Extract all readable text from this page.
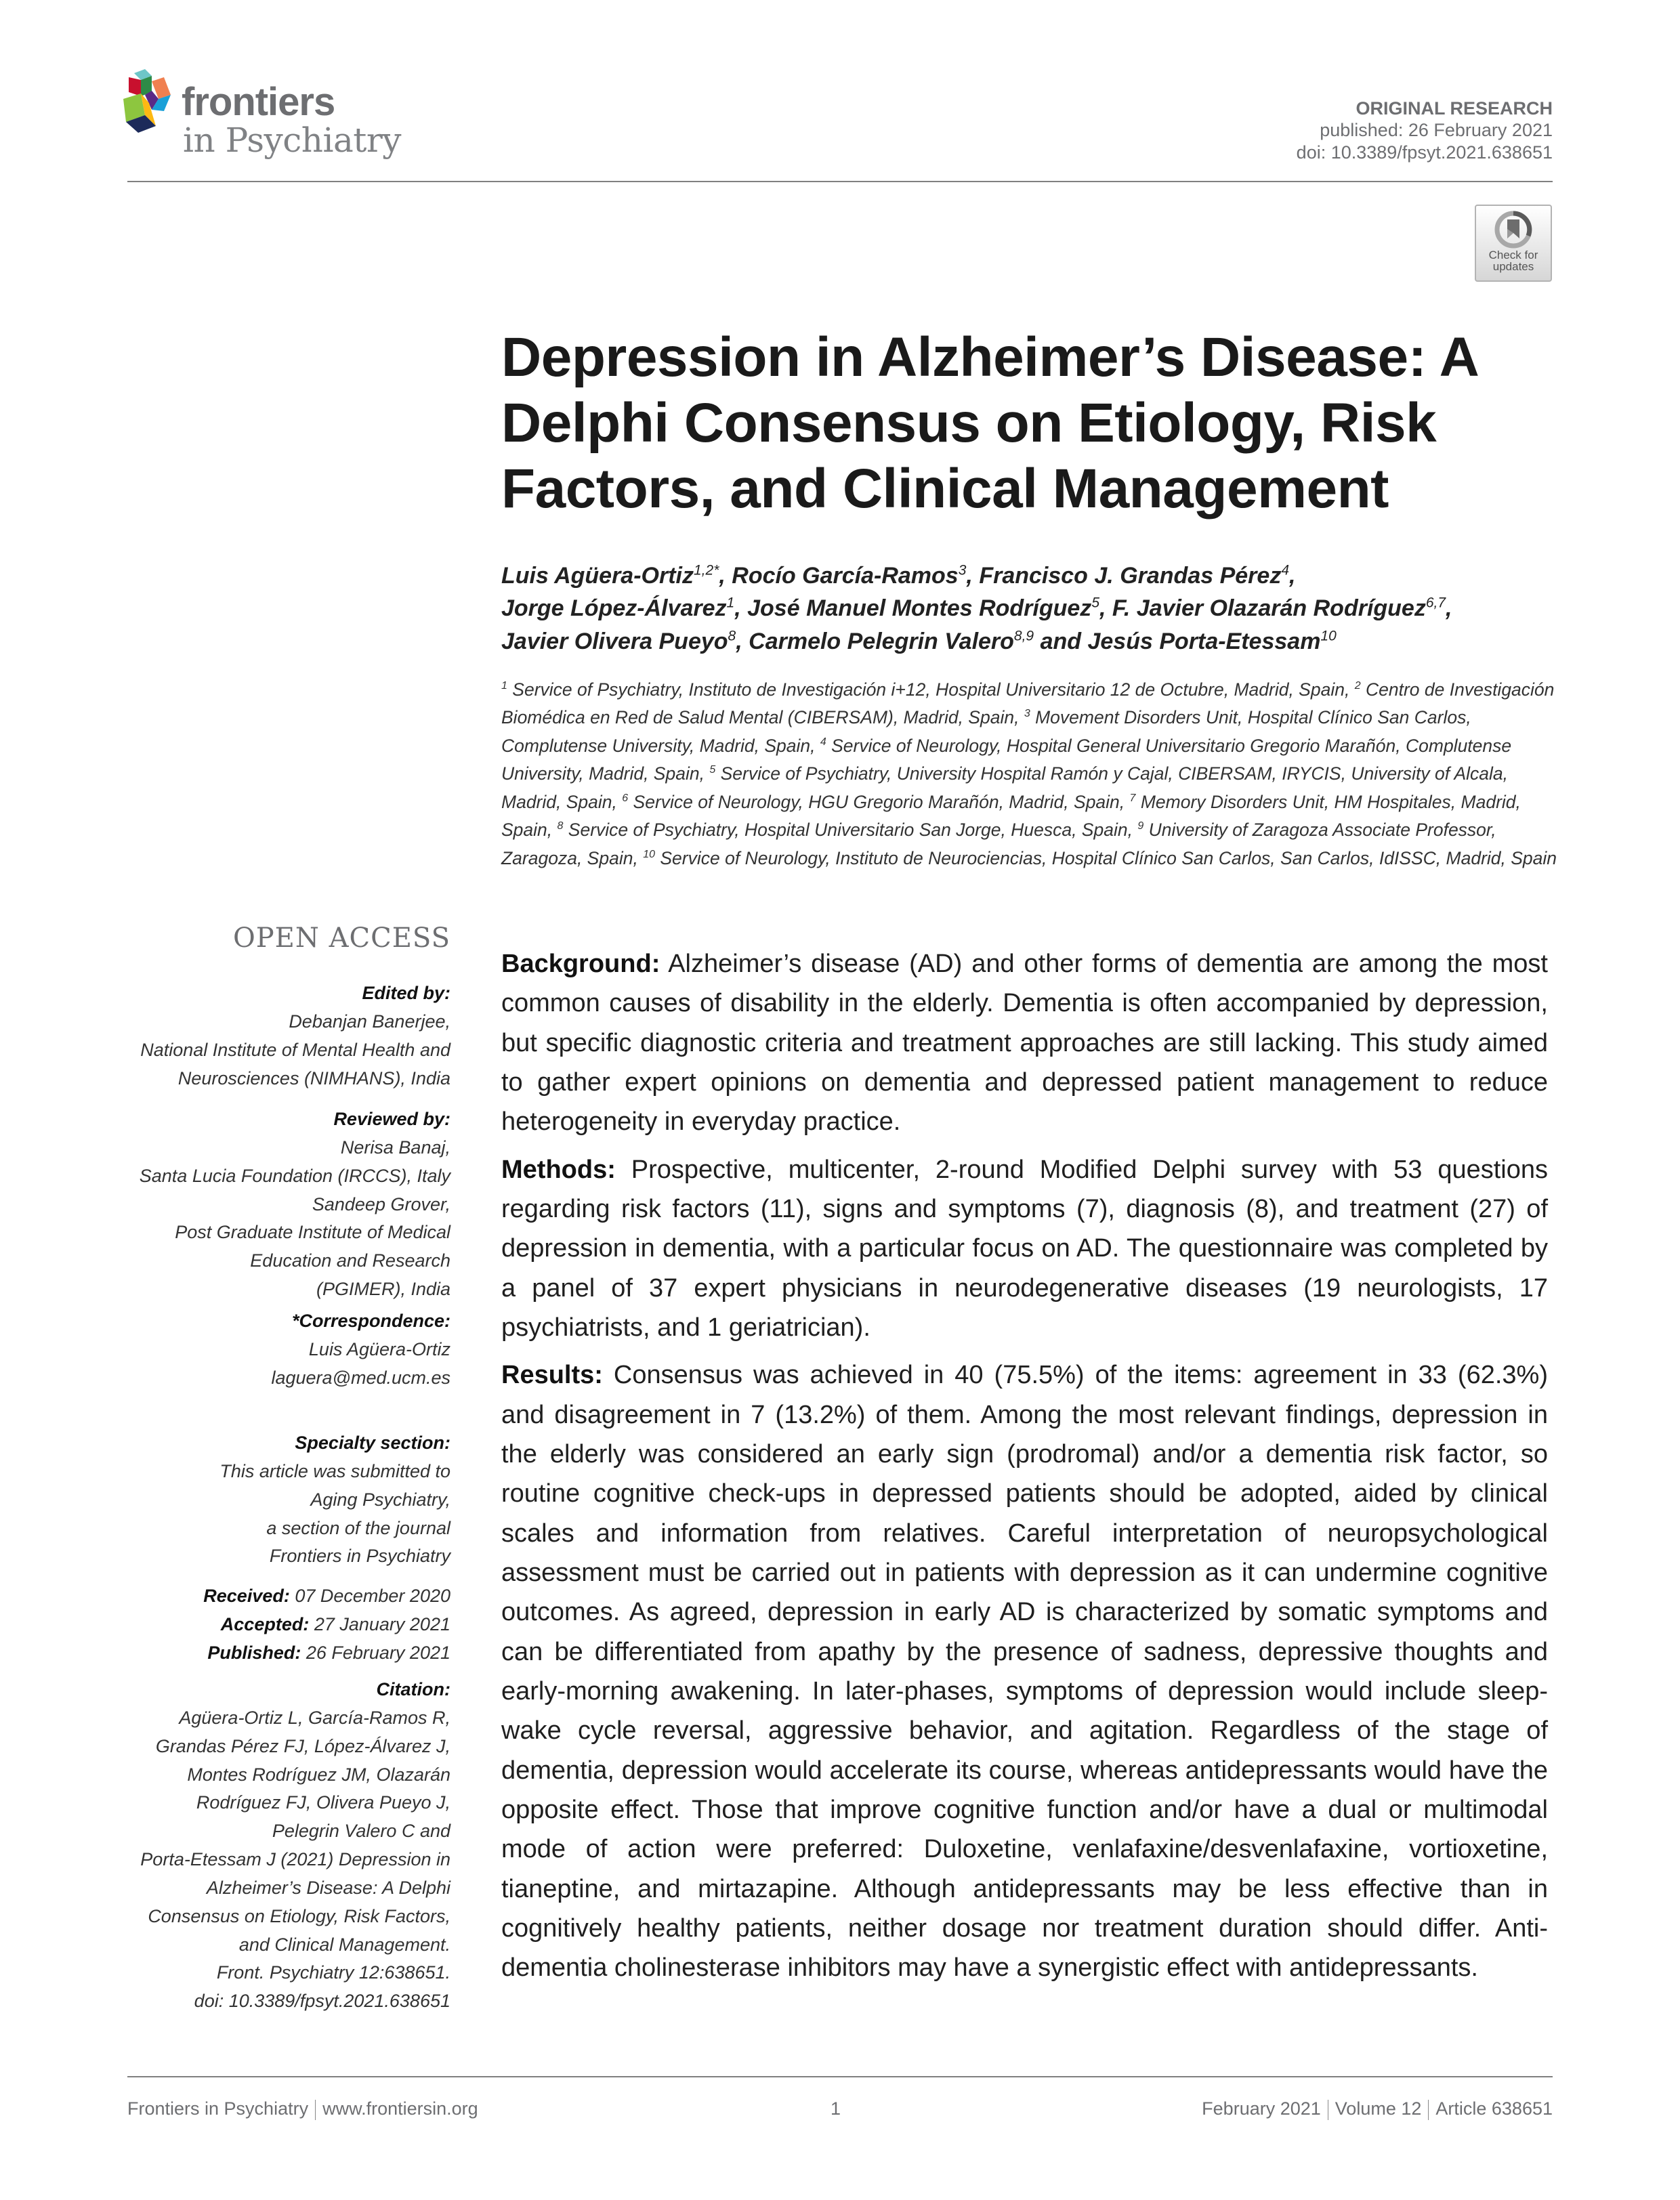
frontiers
in Psychiatry
ORIGINAL RESEARCH
published: 26 February 2021
doi: 10.3389/fpsyt.2021.638651
Check for
updates
Depression in Alzheimer’s Disease: A Delphi Consensus on Etiology, Risk Factors, and Clinical Management
Luis Agüera-Ortiz$^{1,2*}$, Rocío García-Ramos$^3$, Francisco J. Grandas Pérez$^4$,
Jorge López-Álvarez$^1$, José Manuel Montes Rodríguez$^5$, F. Javier Olazarán Rodríguez$^{6,7}$,
Javier Olivera Pueyo$^8$, Carmelo Pelegrin Valero$^{8,9}$ and Jesús Porta-Etessam$^{10}$
$^1$ Service of Psychiatry, Instituto de Investigación i+12, Hospital Universitario 12 de Octubre, Madrid, Spain, $^2$ Centro de Investigación Biomédica en Red de Salud Mental (CIBERSAM), Madrid, Spain, $^3$ Movement Disorders Unit, Hospital Clínico San Carlos, Complutense University, Madrid, Spain, $^4$ Service of Neurology, Hospital General Universitario Gregorio Marañón, Complutense University, Madrid, Spain, $^5$ Service of Psychiatry, University Hospital Ramón y Cajal, CIBERSAM, IRYCIS, University of Alcala, Madrid, Spain, $^6$ Service of Neurology, HGU Gregorio Marañón, Madrid, Spain, $^7$ Memory Disorders Unit, HM Hospitales, Madrid, Spain, $^8$ Service of Psychiatry, Hospital Universitario San Jorge, Huesca, Spain, $^9$ University of Zaragoza Associate Professor, Zaragoza, Spain, $^{10}$ Service of Neurology, Instituto de Neurociencias, Hospital Clínico San Carlos, San Carlos, IdISSC, Madrid, Spain
OPEN ACCESS

Edited by:

Debanjan Banerjee,

National Institute of Mental Health and

Neurosciences (NIMHANS), India

Reviewed by:

Nerisa Banaj,

Santa Lucia Foundation (IRCCS), Italy

Sandeep Grover,

Post Graduate Institute of Medical

Education and Research

(PGIMER), India

*Correspondence:

Luis Agüera-Ortiz

laguera@med.ucm.es

Specialty section:

This article was submitted to

Aging Psychiatry,

a section of the journal

Frontiers in Psychiatry

Received: 07 December 2020

Accepted: 27 January 2021

Published: 26 February 2021

Citation:

Agüera-Ortiz L, García-Ramos R,

Grandas Pérez FJ, López-Álvarez J,

Montes Rodríguez JM, Olazarán

Rodríguez FJ, Olivera Pueyo J,

Pelegrin Valero C and

Porta-Etessam J (2021) Depression in

Alzheimer’s Disease: A Delphi

Consensus on Etiology, Risk Factors,

and Clinical Management.

Front. Psychiatry 12:638651.

doi: 10.3389/fpsyt.2021.638651

Background: Alzheimer’s disease (AD) and other forms of dementia are among the most common causes of disability in the elderly. Dementia is often accompanied by depression, but specific diagnostic criteria and treatment approaches are still lacking. This study aimed to gather expert opinions on dementia and depressed patient management to reduce heterogeneity in everyday practice.

Methods: Prospective, multicenter, 2-round Modified Delphi survey with 53 questions regarding risk factors (11), signs and symptoms (7), diagnosis (8), and treatment (27) of depression in dementia, with a particular focus on AD. The questionnaire was completed by a panel of 37 expert physicians in neurodegenerative diseases (19 neurologists, 17 psychiatrists, and 1 geriatrician).

Results: Consensus was achieved in 40 (75.5%) of the items: agreement in 33 (62.3%) and disagreement in 7 (13.2%) of them. Among the most relevant findings, depression in the elderly was considered an early sign (prodromal) and/or a dementia risk factor, so routine cognitive check-ups in depressed patients should be adopted, aided by clinical scales and information from relatives. Careful interpretation of neuropsychological assessment must be carried out in patients with depression as it can undermine cognitive outcomes. As agreed, depression in early AD is characterized by somatic symptoms and can be differentiated from apathy by the presence of sadness, depressive thoughts and early-morning awakening. In later-phases, symptoms of depression would include sleep-wake cycle reversal, aggressive behavior, and agitation. Regardless of the stage of dementia, depression would accelerate its course, whereas antidepressants would have the opposite effect. Those that improve cognitive function and/or have a dual or multimodal mode of action were preferred: Duloxetine, venlafaxine/desvenlafaxine, vortioxetine, tianeptine, and mirtazapine. Although antidepressants may be less effective than in cognitively healthy patients, neither dosage nor treatment duration should differ. Anti-dementia cholinesterase inhibitors may have a synergistic effect with antidepressants.

Frontiers in Psychiatry www.frontiersin.org	1	February 2021 Volume 12 Article 638651
